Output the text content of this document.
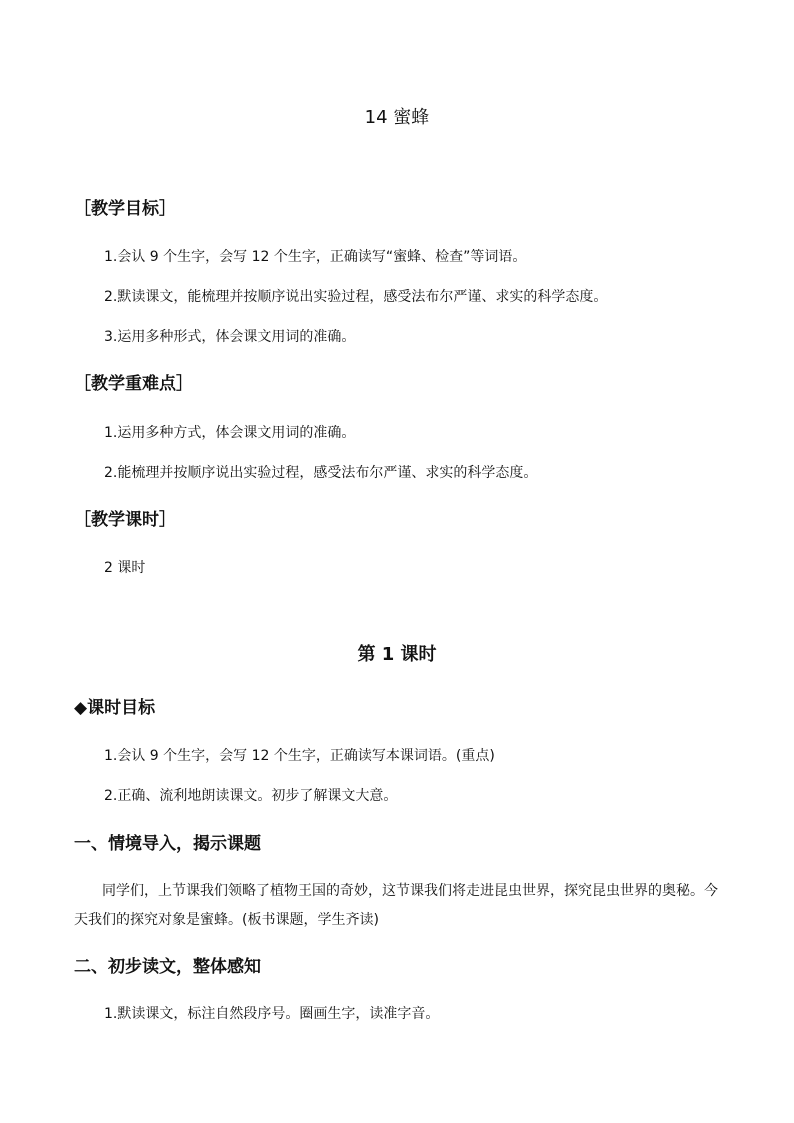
14 蜜蜂
［教学目标］
1.会认 9 个生字，会写 12 个生字，正确读写“蜜蜂、检查”等词语。
2.默读课文，能梳理并按顺序说出实验过程，感受法布尔严谨、求实的科学态度。
3.运用多种形式，体会课文用词的准确。
［教学重难点］
1.运用多种方式，体会课文用词的准确。
2.能梳理并按顺序说出实验过程，感受法布尔严谨、求实的科学态度。
［教学课时］
2 课时
第 1 课时
◆课时目标
1.会认 9 个生字，会写 12 个生字，正确读写本课词语。(重点)
2.正确、流利地朗读课文。初步了解课文大意。
一、情境导入，揭示课题
同学们，上节课我们领略了植物王国的奇妙，这节课我们将走进昆虫世界，探究昆虫世界的奥秘。今天我们的探究对象是蜜蜂。(板书课题，学生齐读)
二、初步读文，整体感知
1.默读课文，标注自然段序号。圈画生字，读准字音。
